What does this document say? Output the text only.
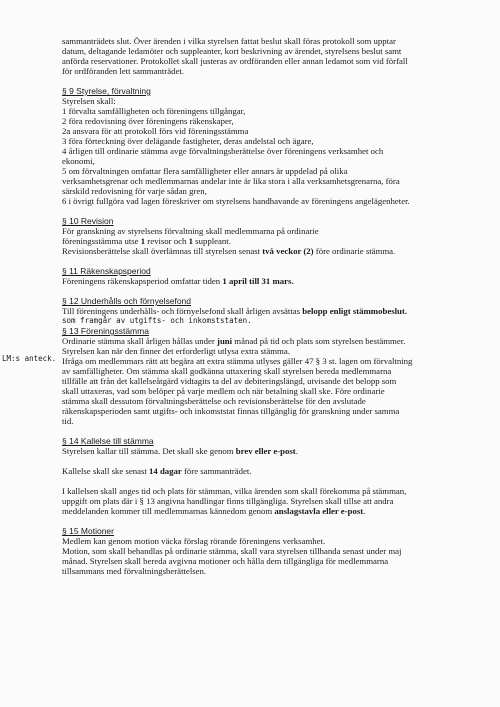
LM:s anteck.
sammanträdets slut. Över ärenden i vilka styrelsen fattat beslut skall föras protokoll som upptar
datum, deltagande ledamöter och suppleanter, kort beskrivning av ärendet, styrelsens beslut samt
anförda reservationer. Protokollet skall justeras av ordföranden eller annan ledamot som vid förfall
för ordföranden lett sammanträdet.
§ 9 Styrelse, förvaltning
Styrelsen skall:
1 förvalta samfälligheten och föreningens tillgångar,
2 föra redovisning över föreningens räkenskaper,
2a ansvara för att protokoll förs vid föreningsstämma
3 föra förteckning över delägande fastigheter, deras andelstal och ägare,
4 årligen till ordinarie stämma avge förvaltningsberättelse över föreningens verksamhet och
ekonomi,
5 om förvaltningen omfattar flera samfälligheter eller annars är uppdelad på olika
verksamhetsgrenar och medlemmarnas andelar inte är lika stora i alla verksamhetsgrenarna, föra
särskild redovisning för varje sådan gren,
6 i övrigt fullgöra vad lagen föreskriver om styrelsens handhavande av föreningens angelägenheter.
§ 10 Revision
För granskning av styrelsens förvaltning skall medlemmarna på ordinarie
föreningsstämma utse 1 revisor och 1 suppleant.
Revisionsberättelse skall överlämnas till styrelsen senast två veckor (2) före ordinarie stämma.
§ 11 Räkenskapsperiod
Föreningens räkenskapsperiod omfattar tiden 1 april till 31 mars.
§ 12 Underhålls och förnyelsefond
Till föreningens underhålls- och förnyelsefond skall årligen avsättas belopp enligt stämmobeslut.
som framgår av utgifts- och inkomststaten.
§ 13 Föreningsstämma
Ordinarie stämma skall årligen hållas under juni månad på tid och plats som styrelsen bestämmer.
Styrelsen kan när den finner det erforderligt utlysa extra stämma.
Ifråga om medlemmars rätt att begära att extra stämma utlyses gäller 47 § 3 st. lagen om förvaltning
av samfälligheter. Om stämma skall godkänna uttaxering skall styrelsen bereda medlemmarna
tillfälle att från det kallelseåtgärd vidtagits ta del av debiteringslängd, utvisande det belopp som
skall uttaxeras, vad som belöper på varje medlem och när betalning skall ske. Före ordinarie
stämma skall dessutom förvaltningsberättelse och revisionsberättelse för den avslutade
räkenskapsperioden samt utgifts- och inkomststat finnas tillgänglig för granskning under samma
tid.
§ 14 Kallelse till stämma
Styrelsen kallar till stämma. Det skall ske genom brev eller e-post.
Kallelse skall ske senast 14 dagar före sammanträdet.
I kallelsen skall anges tid och plats för stämman, vilka ärenden som skall förekomma på stämman,
uppgift om plats där i § 13 angivna handlingar finns tillgängliga. Styrelsen skall tillse att andra
meddelanden kommer till medlemmarnas kännedom genom anslagstavla eller e-post.
§ 15 Motioner
Medlem kan genom motion väcka förslag rörande föreningens verksamhet.
Motion, som skall behandlas på ordinarie stämma, skall vara styrelsen tillhanda senast under maj
månad. Styrelsen skall bereda avgivna motioner och hålla dem tillgängliga för medlemmarna
tillsammans med förvaltningsberättelsen.
